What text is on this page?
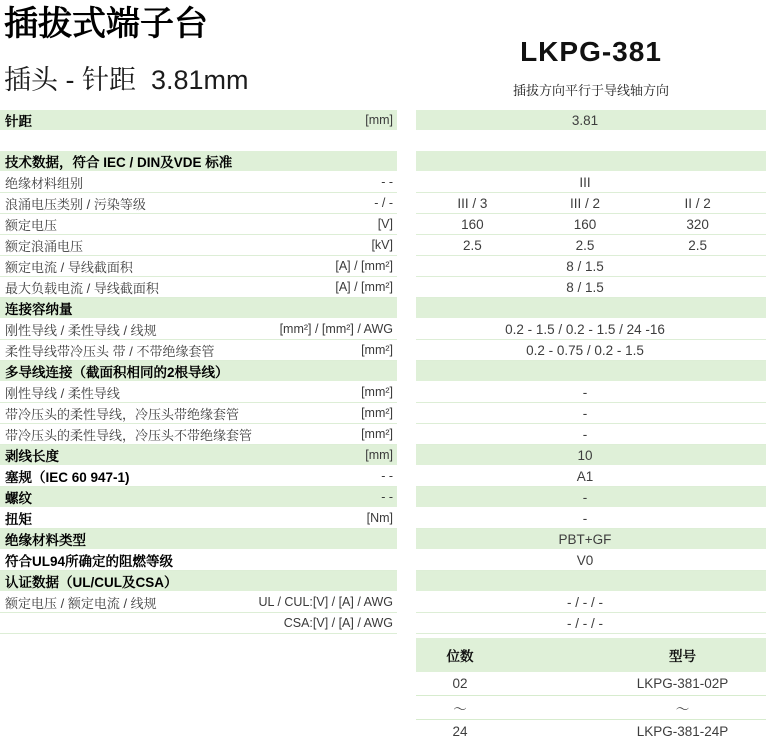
插拔式端子台
插头 - 针距  3.81mm
LKPG-381
插拔方向平行于导线轴方向
针距	[mm]	3.81
技术数据，符合 IEC / DIN及VDE 标准
绝缘材料组别	- -	III
浪涌电压类别 / 污染等级	- / -	III / 3	III / 2	II / 2
额定电压	[V]	160	160	320
额定浪涌电压	[kV]	2.5	2.5	2.5
额定电流 / 导线截面积	[A] / [mm²]	8 / 1.5
最大负载电流 / 导线截面积	[A] / [mm²]	8 / 1.5
连接容纳量
刚性导线 / 柔性导线 / 线规	[mm²] / [mm²] / AWG	0.2 - 1.5 / 0.2 - 1.5 / 24 -16
柔性导线带冷压头 带 / 不带绝缘套管	[mm²]	0.2 - 0.75 / 0.2 - 1.5
多导线连接（截面积相同的2根导线）
刚性导线 / 柔性导线	[mm²]	-
带冷压头的柔性导线，冷压头带绝缘套管	[mm²]	-
带冷压头的柔性导线，冷压头不带绝缘套管	[mm²]	-
剥线长度	[mm]	10
塞规（IEC 60 947-1)	- -	A1
螺纹	- -	-
扭矩	[Nm]	-
绝缘材料类型	PBT+GF
符合UL94所确定的阻燃等级	V0
认证数据（UL/CUL及CSA）
额定电压 / 额定电流 / 线规	UL / CUL:[V] / [A] / AWG	- / - / -
CSA:[V] / [A] / AWG	- / - / -
位数	型号
02	LKPG-381-02P
～	～
24	LKPG-381-24P
